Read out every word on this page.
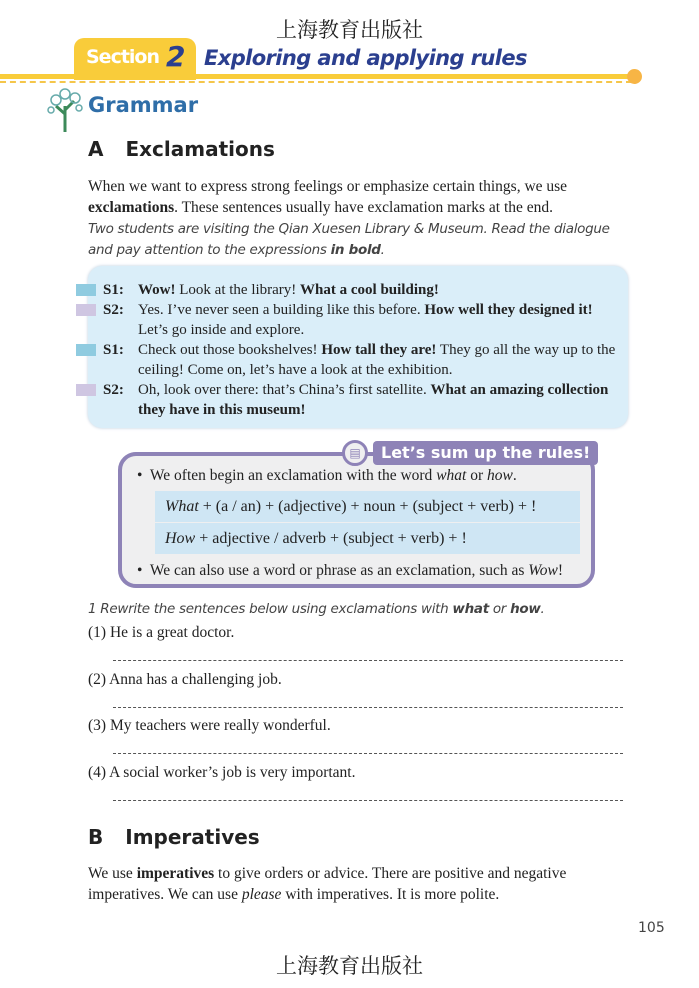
上海教育出版社
Section 2 Exploring and applying rules
Grammar
A Exclamations
When we want to express strong feelings or emphasize certain things, we use exclamations. These sentences usually have exclamation marks at the end.
Two students are visiting the Qian Xuesen Library & Museum. Read the dialogue and pay attention to the expressions in bold.
S1: Wow! Look at the library! What a cool building!
S2: Yes. I’ve never seen a building like this before. How well they designed it! Let’s go inside and explore.
S1: Check out those bookshelves! How tall they are! They go all the way up to the ceiling! Come on, let’s have a look at the exhibition.
S2: Oh, look over there: that’s China’s first satellite. What an amazing collection they have in this museum!
▤	Let’s sum up the rules!
•  We often begin an exclamation with the word what or how.
What + (a / an) + (adjective) + noun + (subject + verb) + !
How + adjective / adverb + (subject + verb) + !
•  We can also use a word or phrase as an exclamation, such as Wow!
1 Rewrite the sentences below using exclamations with what or how.
(1) He is a great doctor.
(2) Anna has a challenging job.
(3) My teachers were really wonderful.
(4) A social worker’s job is very important.
B Imperatives
We use imperatives to give orders or advice. There are positive and negative imperatives. We can use please with imperatives. It is more polite.
105
上海教育出版社
